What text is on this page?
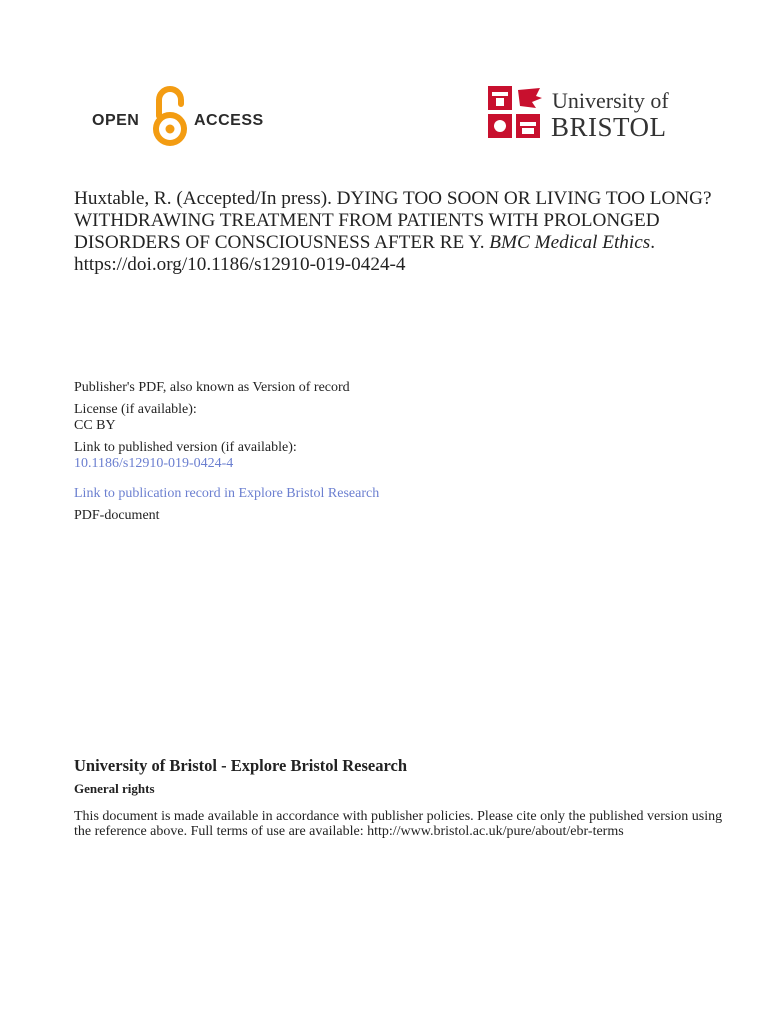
OPEN	ACCESS
University of
BRISTOL
Huxtable, R. (Accepted/In press). DYING TOO SOON OR LIVING TOO LONG? WITHDRAWING TREATMENT FROM PATIENTS WITH PROLONGED DISORDERS OF CONSCIOUSNESS AFTER RE Y. BMC Medical Ethics. https://doi.org/10.1186/s12910-019-0424-4

Publisher's PDF, also known as Version of record

License (if available):

CC BY

Link to published version (if available):

10.1186/s12910-019-0424-4

Link to publication record in Explore Bristol Research

PDF-document

University of Bristol - Explore Bristol Research
General rights
This document is made available in accordance with publisher policies. Please cite only the published version using the reference above. Full terms of use are available: http://www.bristol.ac.uk/pure/about/ebr-terms
